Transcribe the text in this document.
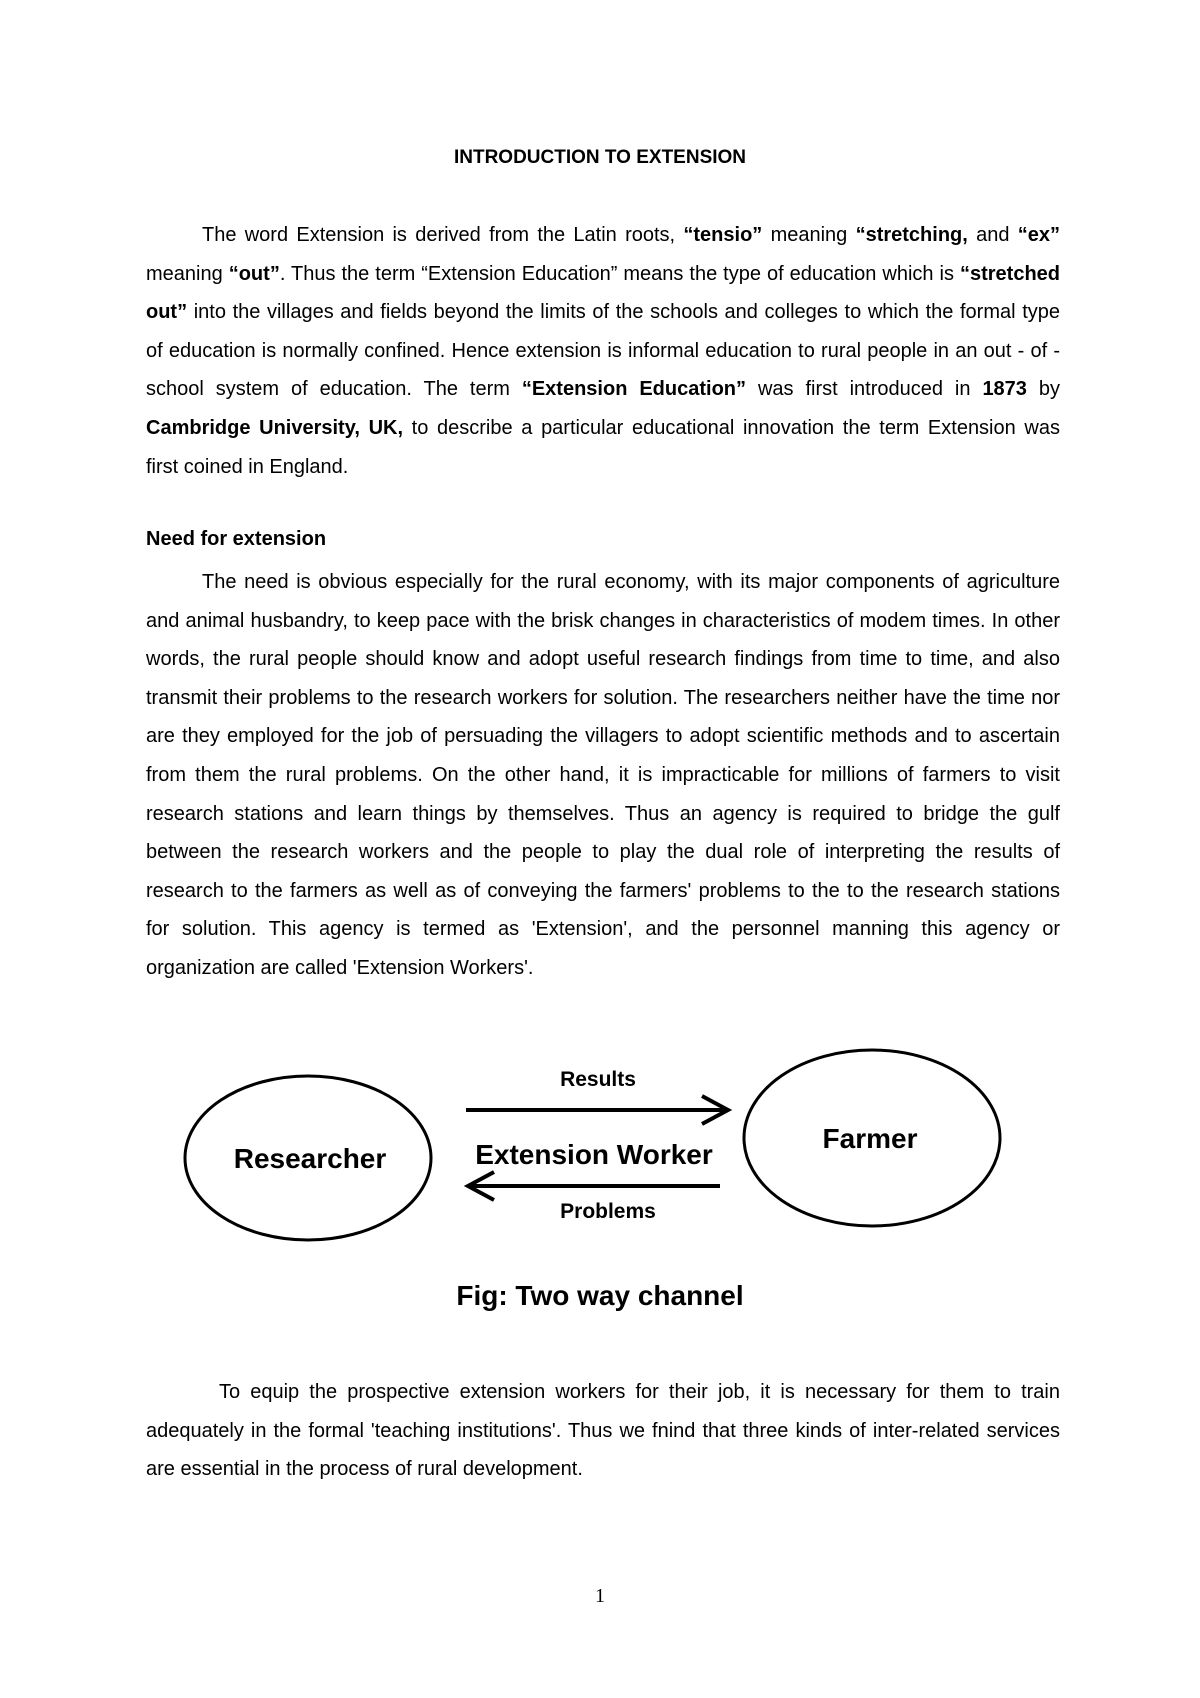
INTRODUCTION TO EXTENSION

The word Extension is derived from the Latin roots, “tensio” meaning “stretching, and “ex” meaning “out”. Thus the term “Extension Education” means the type of education which is “stretched out” into the villages and fields beyond the limits of the schools and colleges to which the formal type of education is normally confined. Hence extension is informal education to rural people in an out - of - school system of education. The term “Extension Education” was first introduced in 1873 by Cambridge University, UK, to describe a particular educational innovation the term Extension was first coined in England.

Need for extension

The need is obvious especially for the rural economy, with its major components of agriculture and animal husbandry, to keep pace with the brisk changes in characteristics of modem times. In other words, the rural people should know and adopt useful research findings from time to time, and also transmit their problems to the research workers for solution. The researchers neither have the time nor are they employed for the job of persuading the villagers to adopt scientific methods and to ascertain from them the rural problems. On the other hand, it is impracticable for millions of farmers to visit research stations and learn things by themselves. Thus an agency is required to bridge the gulf between the research workers and the people to play the dual role of interpreting the results of research to the farmers as well as of conveying the farmers' problems to the to the research stations for solution. This agency is termed as 'Extension', and the personnel manning this agency or organization are called 'Extension Workers'.

Researcher
Farmer
Results
Extension Worker
Problems

Fig: Two way channel

To equip the prospective extension workers for their job, it is necessary for them to train adequately in the formal 'teaching institutions'. Thus we fnind that three kinds of inter-related services are essential in the process of rural development.

1
